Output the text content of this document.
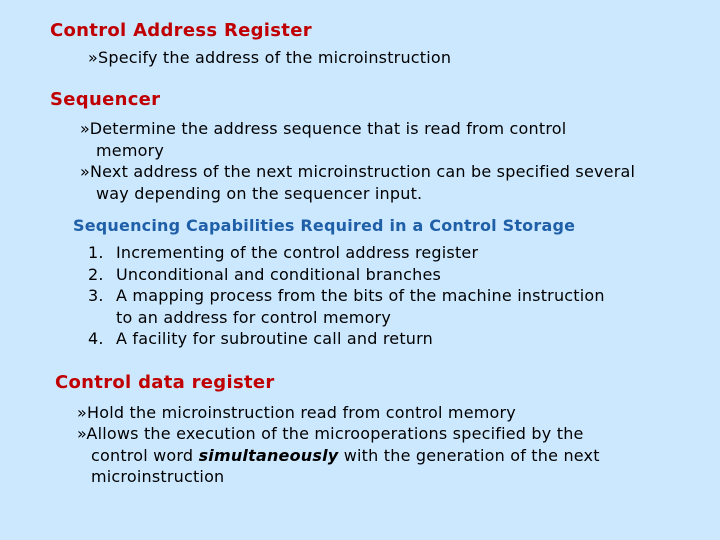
Control Address Register
»Specify the address of the microinstruction
Sequencer
»Determine the address sequence that is read from control
memory
»Next address of the next microinstruction can be specified several
way depending on the sequencer input.
Sequencing Capabilities Required in a Control Storage
1. Incrementing of the control address register
2. Unconditional and conditional branches
3. A mapping process from the bits of the machine instruction
to an address for control memory
4. A facility for subroutine call and return
Control data register
»Hold the microinstruction read from control memory
»Allows the execution of the microoperations specified by the
control word simultaneously with the generation of the next
microinstruction
